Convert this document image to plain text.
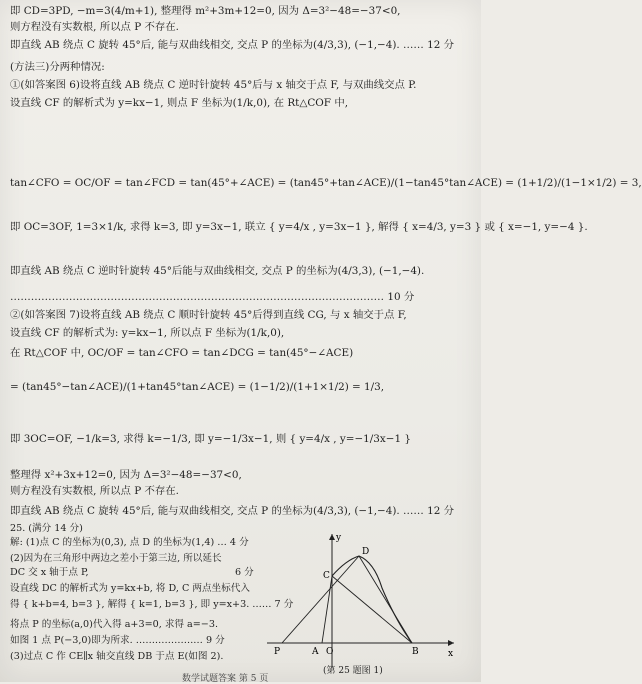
即 CD=3PD, −m=3(4/m+1), 整理得 m²+3m+12=0, 因为 Δ=3²−48=−37<0,
则方程没有实数根, 所以点 P 不存在.
即直线 AB 绕点 C 旋转 45°后, 能与双曲线相交, 交点 P 的坐标为(4/3,3), (−1,−4). …… 12 分
(方法三)分两种情况:
①(如答案图 6)设将直线 AB 绕点 C 逆时针旋转 45°后与 x 轴交于点 F, 与双曲线交点 P.
设直线 CF 的解析式为 y=kx−1, 则点 F 坐标为(1/k,0), 在 Rt△COF 中,
tan∠CFO = OC/OF = tan∠FCD = tan(45°+∠ACE) = (tan45°+tan∠ACE)/(1−tan45°tan∠ACE) = (1+1/2)/(1−1×1/2) = 3,
即 OC=3OF, 1=3×1/k, 求得 k=3, 即 y=3x−1, 联立 { y=4/x , y=3x−1 }, 解得 { x=4/3, y=3 } 或 { x=−1, y=−4 }.
即直线 AB 绕点 C 逆时针旋转 45°后能与双曲线相交, 交点 P 的坐标为(4/3,3), (−1,−4).
……………………………………………………………………………………………… 10 分
②(如答案图 7)设将直线 AB 绕点 C 顺时针旋转 45°后得到直线 CG, 与 x 轴交于点 F,
设直线 CF 的解析式为: y=kx−1, 所以点 F 坐标为(1/k,0),
在 Rt△COF 中, OC/OF = tan∠CFO = tan∠DCG = tan(45°−∠ACE)
= (tan45°−tan∠ACE)/(1+tan45°tan∠ACE) = (1−1/2)/(1+1×1/2) = 1/3,
即 3OC=OF, −1/k=3, 求得 k=−1/3, 即 y=−1/3x−1, 则 { y=4/x , y=−1/3x−1 }
整理得 x²+3x+12=0, 因为 Δ=3²−48=−37<0,
则方程没有实数根, 所以点 P 不存在.
即直线 AB 绕点 C 旋转 45°后, 能与双曲线相交, 交点 P 的坐标为(4/3,3), (−1,−4). …… 12 分
25. (满分 14 分)
解: (1)点 C 的坐标为(0,3), 点 D 的坐标为(1,4) … 4 分
(2)因为在三角形中两边之差小于第三边, 所以延长
DC 交 x 轴于点 P,
设直线 DC 的解析式为 y=kx+b, 将 D, C 两点坐标代入
得 { k+b=4, b=3 }, 解得 { k=1, b=3 }, 即 y=x+3. …… 7 分
将点 P 的坐标(a,0)代入得 a+3=0, 求得 a=−3.
如图 1 点 P(−3,0)即为所求. ………………… 9 分
(3)过点 C 作 CE∥x 轴交直线 DB 于点 E(如图 2).
6 分
y
x
D
C
P	O
A	B
(第 25 题图 1)
数学试题答案 第 5 页
